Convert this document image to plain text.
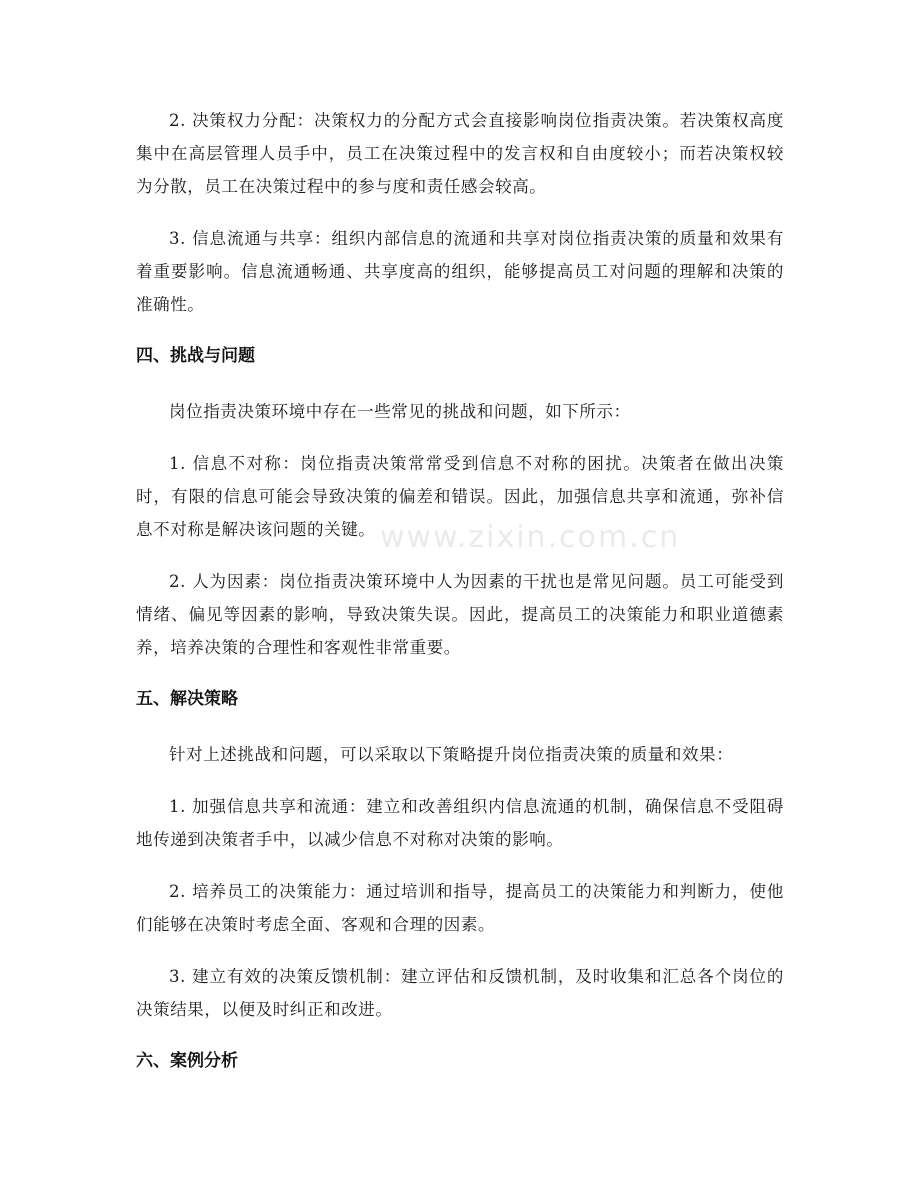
2. 决策权力分配：决策权力的分配方式会直接影响岗位指责决策。若决策权高度集中在高层管理人员手中，员工在决策过程中的发言权和自由度较小；而若决策权较为分散，员工在决策过程中的参与度和责任感会较高。

3. 信息流通与共享：组织内部信息的流通和共享对岗位指责决策的质量和效果有着重要影响。信息流通畅通、共享度高的组织，能够提高员工对问题的理解和决策的准确性。

四、挑战与问题

岗位指责决策环境中存在一些常见的挑战和问题，如下所示：

1. 信息不对称：岗位指责决策常常受到信息不对称的困扰。决策者在做出决策时，有限的信息可能会导致决策的偏差和错误。因此，加强信息共享和流通，弥补信息不对称是解决该问题的关键。

2. 人为因素：岗位指责决策环境中人为因素的干扰也是常见问题。员工可能受到情绪、偏见等因素的影响，导致决策失误。因此，提高员工的决策能力和职业道德素养，培养决策的合理性和客观性非常重要。

五、解决策略

针对上述挑战和问题，可以采取以下策略提升岗位指责决策的质量和效果：

1. 加强信息共享和流通：建立和改善组织内信息流通的机制，确保信息不受阻碍地传递到决策者手中，以减少信息不对称对决策的影响。

2. 培养员工的决策能力：通过培训和指导，提高员工的决策能力和判断力，使他们能够在决策时考虑全面、客观和合理的因素。

3. 建立有效的决策反馈机制：建立评估和反馈机制，及时收集和汇总各个岗位的决策结果，以便及时纠正和改进。

六、案例分析
www.zixin.com.cn
